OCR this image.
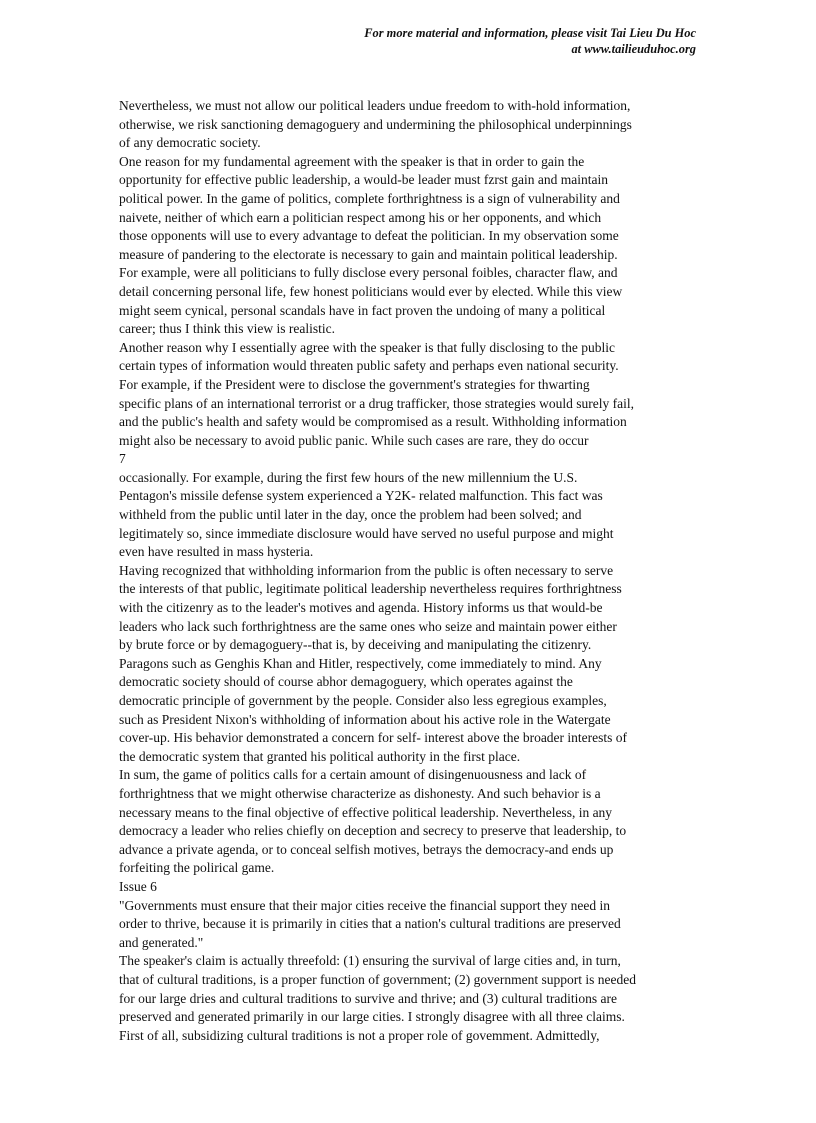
For more material and information, please visit Tai Lieu Du Hoc
at www.tailieuduhoc.org
Nevertheless, we must not allow our political leaders undue freedom to with-hold information,
otherwise, we risk sanctioning demagoguery and undermining the philosophical underpinnings
of any democratic society.
One reason for my fundamental agreement with the speaker is that in order to gain the
opportunity for effective public leadership, a would-be leader must fzrst gain and maintain
political power. In the game of politics, complete forthrightness is a sign of vulnerability and
naivete, neither of which earn a politician respect among his or her opponents, and which
those opponents will use to every advantage to defeat the politician. In my observation some
measure of pandering to the electorate is necessary to gain and maintain political leadership.
For example, were all politicians to fully disclose every personal foibles, character flaw, and
detail concerning personal life, few honest politicians would ever by elected. While this view
might seem cynical, personal scandals have in fact proven the undoing of many a political
career; thus I think this view is realistic.
Another reason why I essentially agree with the speaker is that fully disclosing to the public
certain types of information would threaten public safety and perhaps even national security.
For example, if the President were to disclose the government's strategies for thwarting
specific plans of an international terrorist or a drug trafficker, those strategies would surely fail,
and the public's health and safety would be compromised as a result. Withholding information
might also be necessary to avoid public panic. While such cases are rare, they do occur
7
occasionally. For example, during the first few hours of the new millennium the U.S.
Pentagon's missile defense system experienced a Y2K- related malfunction. This fact was
withheld from the public until later in the day, once the problem had been solved; and
legitimately so, since immediate disclosure would have served no useful purpose and might
even have resulted in mass hysteria.
Having recognized that withholding informarion from the public is often necessary to serve
the interests of that public, legitimate political leadership nevertheless requires forthrightness
with the citizenry as to the leader's motives and agenda. History informs us that would-be
leaders who lack such forthrightness are the same ones who seize and maintain power either
by brute force or by demagoguery--that is, by deceiving and manipulating the citizenry.
Paragons such as Genghis Khan and Hitler, respectively, come immediately to mind. Any
democratic society should of course abhor demagoguery, which operates against the
democratic principle of government by the people. Consider also less egregious examples,
such as President Nixon's withholding of information about his active role in the Watergate
cover-up. His behavior demonstrated a concern for self- interest above the broader interests of
the democratic system that granted his political authority in the first place.
In sum, the game of politics calls for a certain amount of disingenuousness and lack of
forthrightness that we might otherwise characterize as dishonesty. And such behavior is a
necessary means to the final objective of effective political leadership. Nevertheless, in any
democracy a leader who relies chiefly on deception and secrecy to preserve that leadership, to
advance a private agenda, or to conceal selfish motives, betrays the democracy-and ends up
forfeiting the polirical game.
Issue 6
"Governments must ensure that their major cities receive the financial support they need in
order to thrive, because it is primarily in cities that a nation's cultural traditions are preserved
and generated."
The speaker's claim is actually threefold: (1) ensuring the survival of large cities and, in turn,
that of cultural traditions, is a proper function of government; (2) government support is needed
for our large dries and cultural traditions to survive and thrive; and (3) cultural traditions are
preserved and generated primarily in our large cities. I strongly disagree with all three claims.
First of all, subsidizing cultural traditions is not a proper role of govemment. Admittedly,
